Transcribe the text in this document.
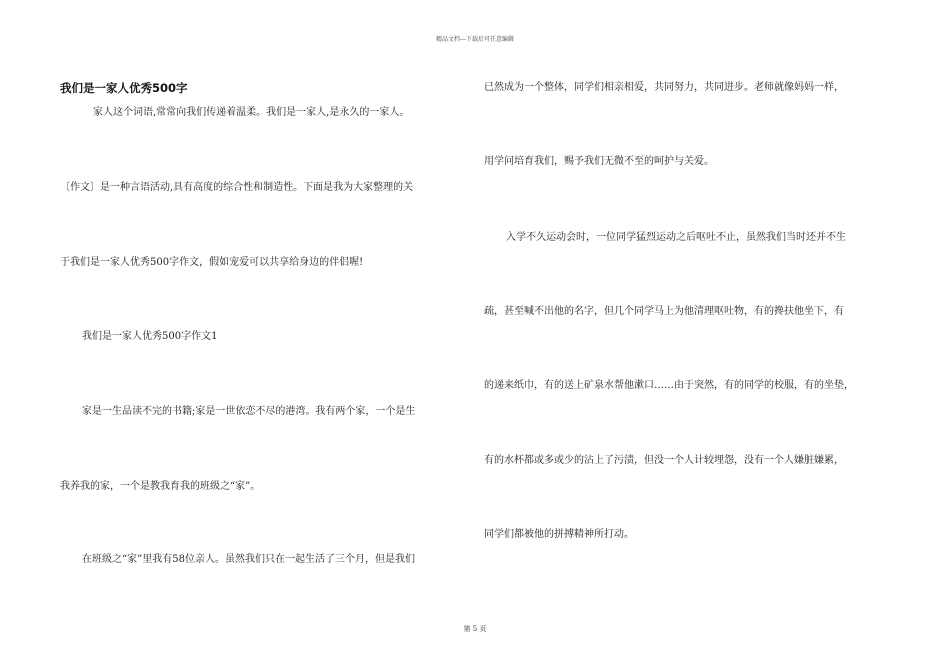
精品文档---下载后可任意编辑
我们是一家人优秀500字
家人这个词语,常常向我们传递着温柔。我们是一家人,是永久的一家人。
〔作文〕是一种言语活动,具有高度的综合性和制造性。下面是我为大家整理的关
于我们是一家人优秀500字作文，假如宠爱可以共享给身边的伴侣喔!
我们是一家人优秀500字作文1
家是一生品读不完的书籍;家是一世依恋不尽的港湾。我有两个家，一个是生
我养我的家，一个是教我育我的班级之“家”。
在班级之“家”里我有58位亲人。虽然我们只在一起生活了三个月，但是我们
已然成为一个整体，同学们相亲相爱，共同努力，共同进步。老师就像妈妈一样，
用学问培育我们，赐予我们无微不至的呵护与关爱。
入学不久运动会时，一位同学猛烈运动之后呕吐不止，虽然我们当时还并不生
疏，甚至喊不出他的名字，但几个同学马上为他清理呕吐物，有的搀扶他坐下，有
的递来纸巾，有的送上矿泉水帮他漱口……由于突然，有的同学的校服，有的坐垫，
有的水杯都或多或少的沾上了污渍，但没一个人计较埋怨，没有一个人嫌脏嫌累，
同学们都被他的拼搏精神所打动。
第 5 页
